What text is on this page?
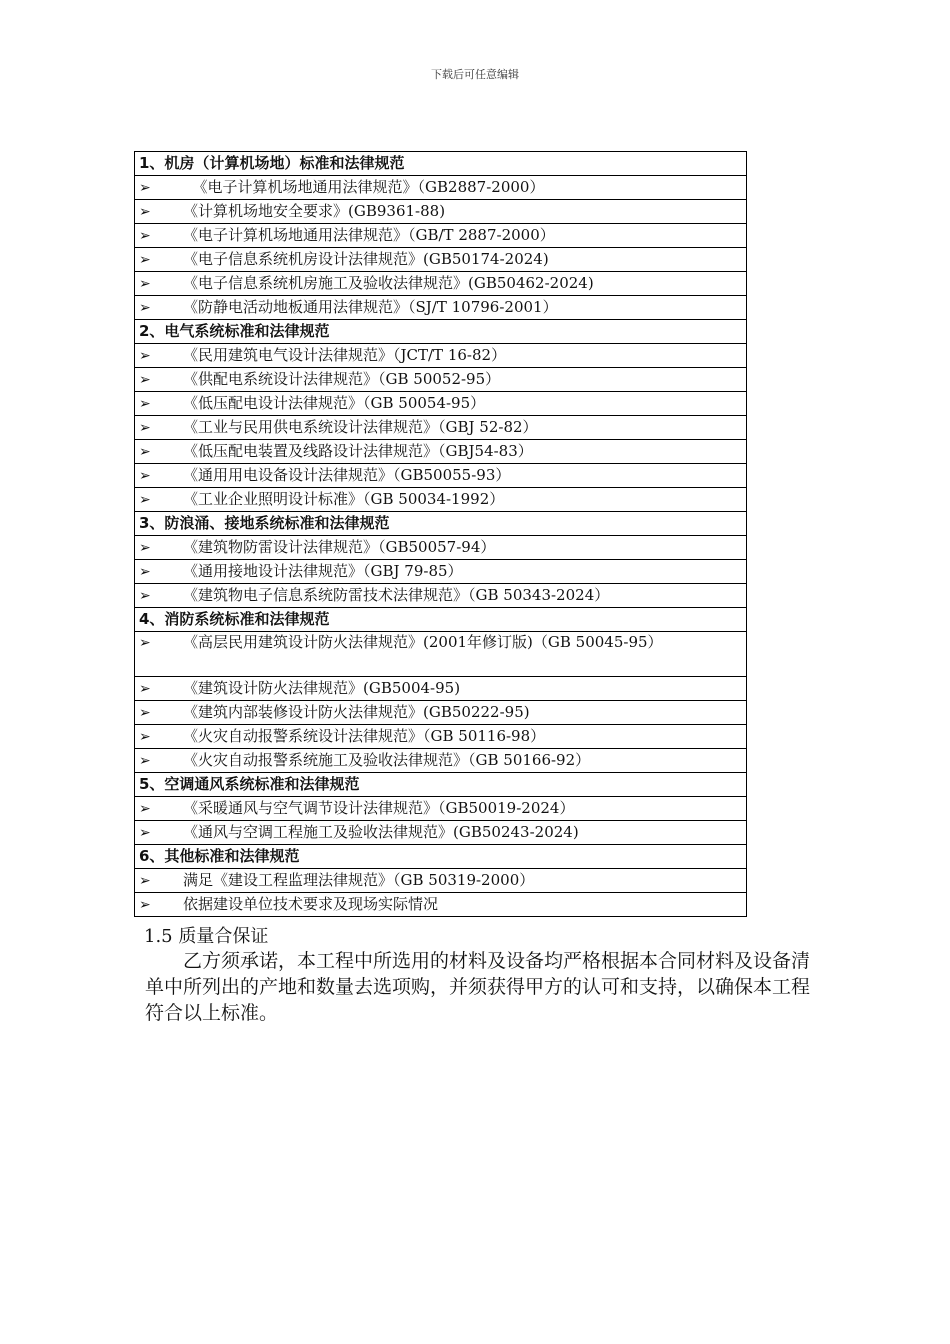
下载后可任意编辑
1、机房（计算机场地）标准和法律规范
➢  《电子计算机场地通用法律规范》（GB2887-2000）
➢ 《计算机场地安全要求》(GB9361-88)
➢ 《电子计算机场地通用法律规范》（GB/T 2887-2000）
➢ 《电子信息系统机房设计法律规范》(GB50174-2024)
➢ 《电子信息系统机房施工及验收法律规范》(GB50462-2024)
➢ 《防静电活动地板通用法律规范》（SJ/T 10796-2001）
2、电气系统标准和法律规范
➢ 《民用建筑电气设计法律规范》（JCT/T 16-82）
➢ 《供配电系统设计法律规范》（GB 50052-95）
➢ 《低压配电设计法律规范》（GB 50054-95）
➢ 《工业与民用供电系统设计法律规范》（GBJ 52-82）
➢ 《低压配电装置及线路设计法律规范》（GBJ54-83）
➢ 《通用用电设备设计法律规范》（GB50055-93）
➢ 《工业企业照明设计标准》（GB 50034-1992）
3、防浪涌、接地系统标准和法律规范
➢ 《建筑物防雷设计法律规范》（GB50057-94）
➢ 《通用接地设计法律规范》（GBJ 79-85）
➢ 《建筑物电子信息系统防雷技术法律规范》（GB 50343-2024）
4、消防系统标准和法律规范
➢ 《高层民用建筑设计防火法律规范》(2001年修订版)（GB 50045-95）
➢ 《建筑设计防火法律规范》(GB5004-95)
➢ 《建筑内部装修设计防火法律规范》(GB50222-95)
➢ 《火灾自动报警系统设计法律规范》（GB 50116-98）
➢ 《火灾自动报警系统施工及验收法律规范》（GB 50166-92）
5、空调通风系统标准和法律规范
➢ 《采暖通风与空气调节设计法律规范》（GB50019-2024）
➢ 《通风与空调工程施工及验收法律规范》(GB50243-2024)
6、其他标准和法律规范
➢ 满足《建设工程监理法律规范》（GB 50319-2000）
➢ 依据建设单位技术要求及现场实际情况
1.5 质量合保证
乙方须承诺，本工程中所选用的材料及设备均严格根据本合同材料及设备清单中所列出的产地和数量去选项购，并须获得甲方的认可和支持，以确保本工程符合以上标准。
